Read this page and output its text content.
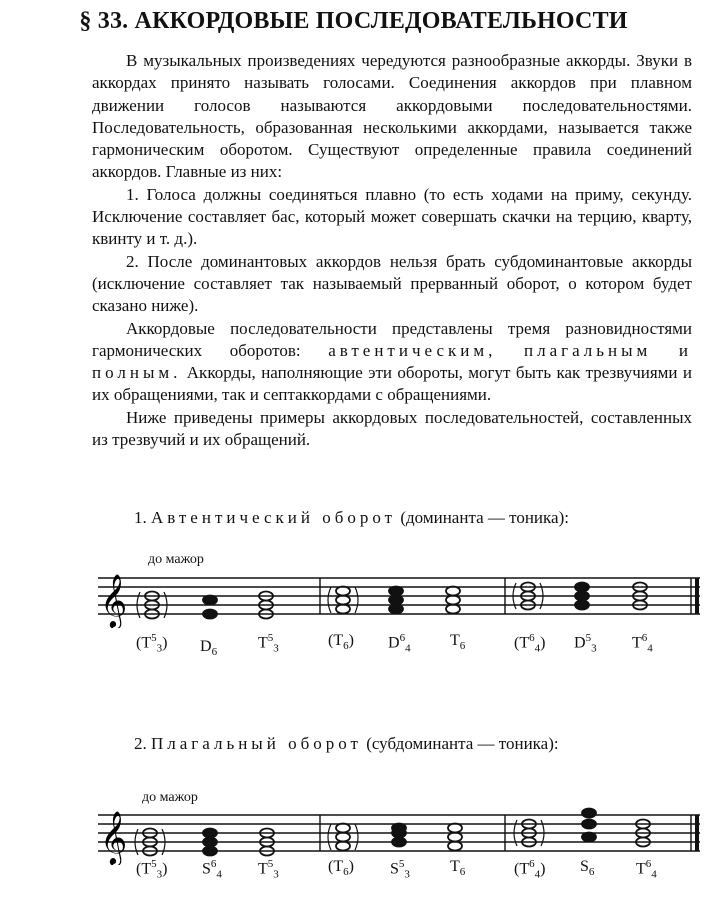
§ 33. АККОРДОВЫЕ ПОСЛЕДОВАТЕЛЬНОСТИ

В музыкальных произведениях чередуются разнообразные аккорды. Звуки в аккордах принято называть голосами. Соединения аккордов при плавном движении голосов называются аккордовыми последовательностями. Последовательность, образованная несколькими аккордами, называется также гармоническим оборотом. Существуют определенные правила соединений аккордов. Главные из них:

1. Голоса должны соединяться плавно (то есть ходами на приму, секунду. Исключение составляет бас, который может совершать скачки на терцию, кварту, квинту и т. д.).

2. После доминантовых аккордов нельзя брать субдоминантовые аккорды (исключение составляет так называемый прерванный оборот, о котором будет сказано ниже).

Аккордовые последовательности представлены тремя разновидностями гармонических оборотов: автентическим, плагальным и полным. Аккорды, наполняющие эти обороты, могут быть как трезвучиями и их обращениями, так и септаккордами с обращениями.

Ниже приведены примеры аккордовых последовательностей, составленных из трезвучий и их обращений.

1. Автентический оборот (доминанта — тоника):
до мажор
𝄞
$(T^5_3)$ $D_6$
$T^5_3$	$(T_6)$ $D^6_4$ $T_6$	$(T^6_4)$ $D^5_3$ $T^6_4$
2. Плагальный оборот (субдоминанта — тоника):
до мажор
𝄞
$(T^5_3)$ $S^6_4$ $T^5_3$	$(T_6)$ $S^5_3$	$T_6$	$(T^6_4)$ $S_6$	$T^6_4$
